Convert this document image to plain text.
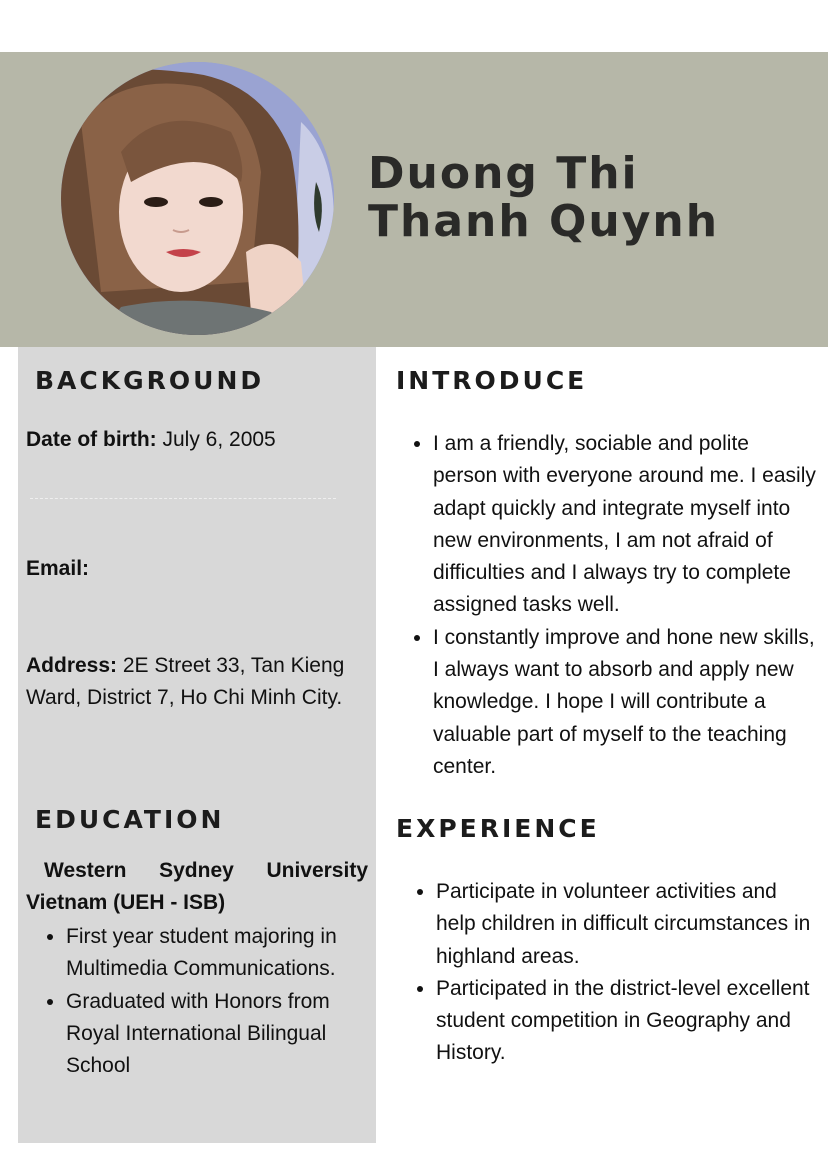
Duong Thi
Thanh Quynh
BACKGROUND

Date of birth: July 6, 2005

Email:

Address: 2E Street 33, Tan Kieng Ward, District 7, Ho Chi Minh City.

EDUCATION

Western Sydney University Vietnam (UEH - ISB)

• First year student majoring in Multimedia Communications.
• Graduated with Honors from Royal International Bilingual School
INTRODUCE
• I am a friendly, sociable and polite person with everyone around me. I easily adapt quickly and integrate myself into new environments, I am not afraid of difficulties and I always try to complete assigned tasks well.
• I constantly improve and hone new skills, I always want to absorb and apply new knowledge. I hope I will contribute a valuable part of myself to the teaching center.
EXPERIENCE
• Participate in volunteer activities and help children in difficult circumstances in highland areas.
• Participated in the district-level excellent student competition in Geography and History.
